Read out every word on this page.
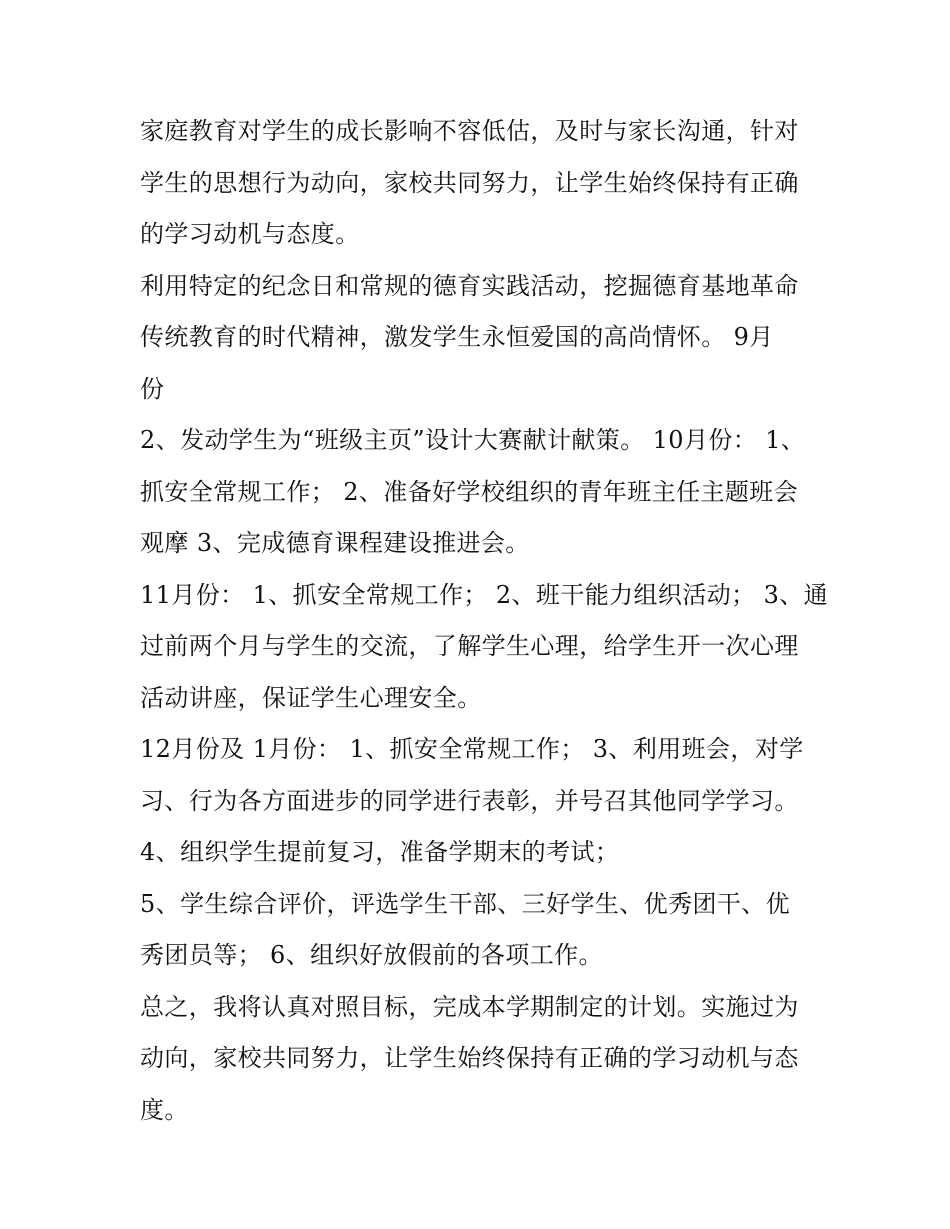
家庭教育对学生的成长影响不容低估，及时与家长沟通，针对
学生的思想行为动向，家校共同努力，让学生始终保持有正确
的学习动机与态度。
利用特定的纪念日和常规的德育实践活动，挖掘德育基地革命
传统教育的时代精神，激发学生永恒爱国的高尚情怀。 9月
份
2、发动学生为“班级主页”设计大赛献计献策。 10月份： 1、
抓安全常规工作； 2、准备好学校组织的青年班主任主题班会
观摩 3、完成德育课程建设推进会。
11月份： 1、抓安全常规工作； 2、班干能力组织活动； 3、通
过前两个月与学生的交流，了解学生心理，给学生开一次心理
活动讲座，保证学生心理安全。
12月份及 1月份： 1、抓安全常规工作； 3、利用班会，对学
习、行为各方面进步的同学进行表彰，并号召其他同学学习。
4、组织学生提前复习，准备学期末的考试；
5、学生综合评价，评选学生干部、三好学生、优秀团干、优
秀团员等； 6、组织好放假前的各项工作。
总之，我将认真对照目标，完成本学期制定的计划。实施过为
动向，家校共同努力，让学生始终保持有正确的学习动机与态
度。
